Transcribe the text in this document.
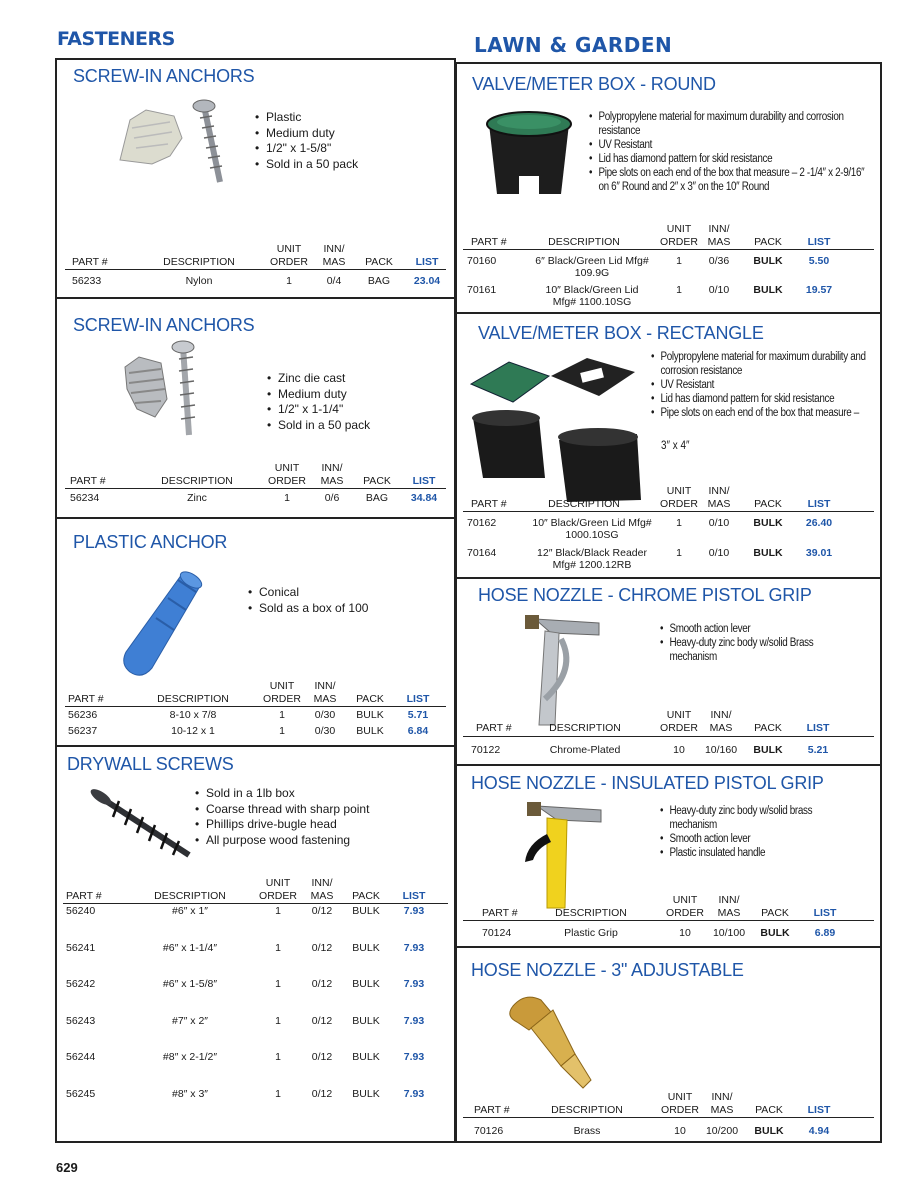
FASTENERS	LAWN & GARDEN
SCREW-IN ANCHORS
• Plastic
• Medium duty
• 1/2" x 1-5/8"
• Sold in a 50 pack
PART #	DESCRIPTION
UNIT
ORDER
INN/
MAS PACK LIST
56233	Nylon	1	0/4	BAG 23.04
SCREW-IN ANCHORS
• Zinc die cast
• Medium duty
• 1/2" x 1-1/4"
• Sold in a 50 pack
PART #	DESCRIPTION
UNIT
ORDER
INN/
MAS PACK LIST
56234	Zinc	1	0/6	BAG 34.84
PLASTIC ANCHOR
• Conical
• Sold as a box of 100
PART #	DESCRIPTION
UNIT
ORDER
INN/
MAS PACK LIST
56236	8-10 x 7/8	1	0/30 BULK 5.71
56237	10-12 x 1	1	0/30 BULK 6.84
DRYWALL SCREWS
• Sold in a 1lb box
• Coarse thread with sharp point
• Phillips drive-bugle head
• All purpose wood fastening
PART #	DESCRIPTION
UNIT
ORDER
INN/
MAS PACK LIST
56240	#6″ x 1″	1	0/12 BULK 7.93
56241	#6″ x 1-1/4″	1	0/12 BULK 7.93
56242	#6″ x 1-5/8″	1	0/12 BULK 7.93
56243	#7″ x 2″	1	0/12 BULK 7.93
56244	#8″ x 2-1/2″	1	0/12 BULK 7.93
56245	#8″ x 3″	1	0/12 BULK 7.93
VALVE/METER BOX - ROUND
• Polypropylene material for maximum durability and corrosion resistance
• UV Resistant
• Lid has diamond pattern for skid resistance
• Pipe slots on each end of the box that measure – 2 -1/4″ x 2-9/16″ on 6″ Round and 2″ x 3″ on the 10″ Round
PART #	DESCRIPTION
UNIT
ORDER
INN/
MAS PACK LIST
70160	6″ Black/Green Lid Mfg#
109.9G
1	0/36 BULK 5.50
70161	10″ Black/Green Lid
Mfg# 1100.10SG
1	0/10 BULK 19.57
VALVE/METER BOX - RECTANGLE
• Polypropylene material for maximum durability and corrosion resistance
• UV Resistant
• Lid has diamond pattern for skid resistance
• Pipe slots on each end of the box that measure –
3″ x 4″
PART #	DESCRIPTION
UNIT
ORDER
INN/
MAS PACK LIST
70162	10″ Black/Green Lid Mfg#
1000.10SG
1	0/10 BULK 26.40
70164	12″ Black/Black Reader
Mfg# 1200.12RB
1	0/10 BULK 39.01
HOSE NOZZLE - CHROME PISTOL GRIP
• Smooth action lever
• Heavy-duty zinc body w/solid Brass mechanism
PART #	DESCRIPTION
UNIT
ORDER
INN/
MAS PACK LIST
70122	Chrome-Plated	10 10/160 BULK 5.21
HOSE NOZZLE - INSULATED PISTOL GRIP
• Heavy-duty zinc body w/solid brass mechanism
• Smooth action lever
• Plastic insulated handle
PART #	DESCRIPTION
UNIT
ORDER
INN/
MAS PACK LIST
70124	Plastic Grip	10 10/100 BULK 6.89
HOSE NOZZLE - 3" ADJUSTABLE
PART #	DESCRIPTION
UNIT
ORDER
INN/
MAS PACK LIST
70126	Brass	10 10/200 BULK 4.94
629
